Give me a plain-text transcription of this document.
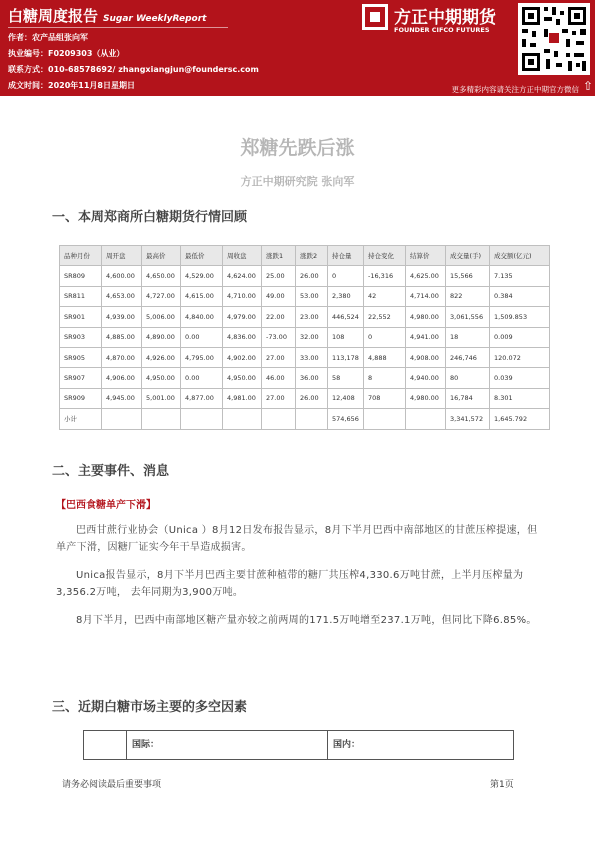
白糖周度报告 Sugar WeeklyReport
作者：农产品组张向军
执业编号：F0209303（从业）
联系方式：010-68578692/ zhangxiangjun@foundersc.com
成文时间：2020年11月8日星期日
方正中期期货
FOUNDER CIFCO FUTURES
更多精彩内容请关注方正中期官方微信 ⇧
郑糖先跌后涨
方正中期研究院 张向军
一、本周郑商所白糖期货行情回顾
品种月份	周开盘	最高价	最低价	周收盘	涨跌1	涨跌2	持仓量	持仓变化	结算价	成交量(手)	成交额(亿元)
SR809	4,600.00	4,650.00	4,529.00	4,624.00	25.00	26.00	0	-16,316	4,625.00	15,566	7.135
SR811	4,653.00	4,727.00	4,615.00	4,710.00	49.00	53.00	2,380	42	4,714.00	822	0.384
SR901	4,939.00	5,006.00	4,840.00	4,979.00	22.00	23.00	446,524	22,552	4,980.00	3,061,556	1,509.853
SR903	4,885.00	4,890.00	0.00	4,836.00	-73.00	32.00	108	0	4,941.00	18	0.009
SR905	4,870.00	4,926.00	4,795.00	4,902.00	27.00	33.00	113,178	4,888	4,908.00	246,746	120.072
SR907	4,906.00	4,950.00	0.00	4,950.00	46.00	36.00	58	8	4,940.00	80	0.039
SR909	4,945.00	5,001.00	4,877.00	4,981.00	27.00	26.00	12,408	708	4,980.00	16,784	8.301
小计							574,656			3,341,572	1,645.792
二、主要事件、消息
【巴西食糖单产下滑】

巴西甘蔗行业协会（Unica ）8月12日发布报告显示，8月下半月巴西中南部地区的甘蔗压榨提速，但单产下滑，因糖厂证实今年干旱造成损害。

Unica报告显示，8月下半月巴西主要甘蔗种植带的糖厂共压榨4,330.6万吨甘蔗，上半月压榨量为3,356.2万吨， 去年同期为3,900万吨。

8月下半月，巴西中南部地区糖产量亦较之前两周的171.5万吨增至237.1万吨，但同比下降6.85%。

三、近期白糖市场主要的多空因素
国际：	国内：
请务必阅读最后重要事项	第1页
